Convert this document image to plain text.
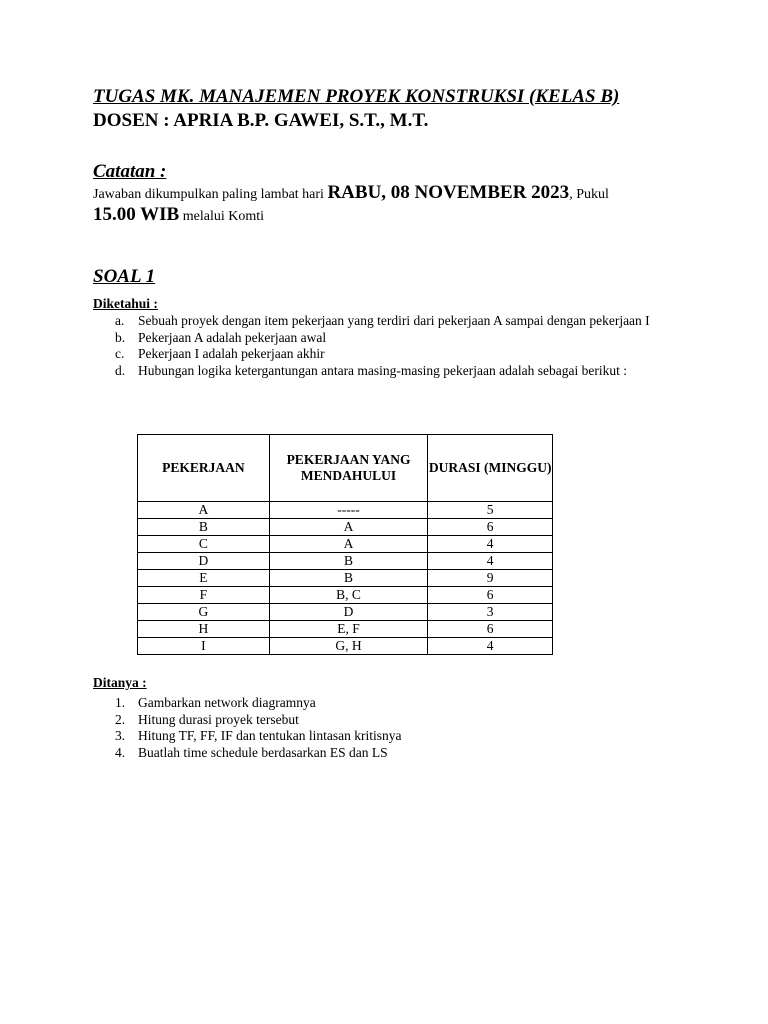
TUGAS MK. MANAJEMEN PROYEK KONSTRUKSI (KELAS B)
DOSEN : APRIA B.P. GAWEI, S.T., M.T.
Catatan :
Jawaban dikumpulkan paling lambat hari RABU, 08 NOVEMBER 2023, Pukul
15.00 WIB melalui Komti
SOAL 1
Diketahui :
a. Sebuah proyek dengan item pekerjaan yang terdiri dari pekerjaan A sampai dengan pekerjaan I
b. Pekerjaan A adalah pekerjaan awal
c. Pekerjaan I adalah pekerjaan akhir
d. Hubungan logika ketergantungan antara masing-masing pekerjaan adalah sebagai berikut :
PEKERJAAN	PEKERJAAN YANG MENDAHULUI	DURASI (MINGGU)
A	-----	5
B	A	6
C	A	4
D	B	4
E	B	9
F	B, C	6
G	D	3
H	E, F	6
I	G, H	4
Ditanya :
1. Gambarkan network diagramnya
2. Hitung durasi proyek tersebut
3. Hitung TF, FF, IF dan tentukan lintasan kritisnya
4. Buatlah time schedule berdasarkan ES dan LS
